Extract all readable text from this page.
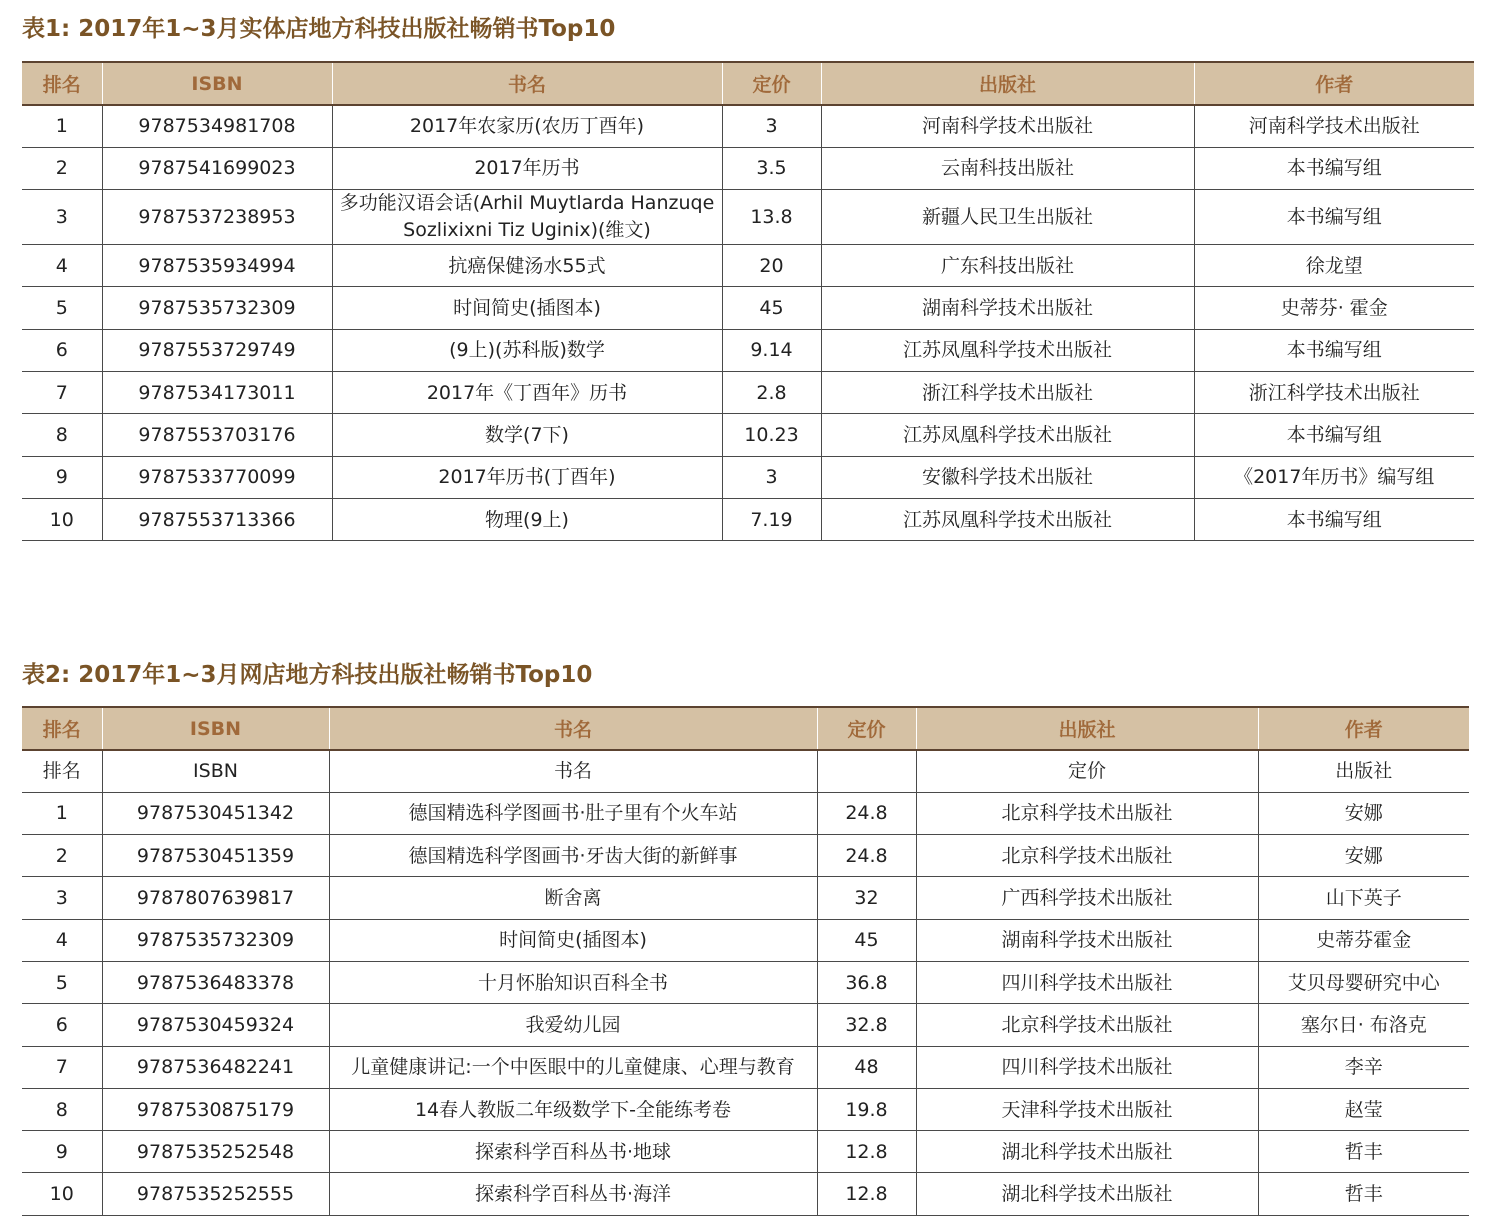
表1: 2017年1~3月实体店地方科技出版社畅销书Top10
排名	ISBN	书名	定价	出版社	作者
1	9787534981708	2017年农家历(农历丁酉年)	3	河南科学技术出版社	河南科学技术出版社
2	9787541699023	2017年历书	3.5	云南科技出版社	本书编写组
3	9787537238953	多功能汉语会话(Arhil Muytlarda Hanzuqe Sozlixixni Tiz Uginix)(维文)	13.8	新疆人民卫生出版社	本书编写组
4	9787535934994	抗癌保健汤水55式	20	广东科技出版社	徐龙望
5	9787535732309	时间简史(插图本)	45	湖南科学技术出版社	史蒂芬· 霍金
6	9787553729749	(9上)(苏科版)数学	9.14	江苏凤凰科学技术出版社	本书编写组
7	9787534173011	2017年《丁酉年》历书	2.8	浙江科学技术出版社	浙江科学技术出版社
8	9787553703176	数学(7下)	10.23	江苏凤凰科学技术出版社	本书编写组
9	9787533770099	2017年历书(丁酉年)	3	安徽科学技术出版社	《2017年历书》编写组
10	9787553713366	物理(9上)	7.19	江苏凤凰科学技术出版社	本书编写组
表2: 2017年1~3月网店地方科技出版社畅销书Top10
排名	ISBN	书名	定价	出版社	作者
排名	ISBN	书名		定价	出版社
1	9787530451342	德国精选科学图画书·肚子里有个火车站	24.8	北京科学技术出版社	安娜
2	9787530451359	德国精选科学图画书·牙齿大街的新鲜事	24.8	北京科学技术出版社	安娜
3	9787807639817	断舍离	32	广西科学技术出版社	山下英子
4	9787535732309	时间简史(插图本)	45	湖南科学技术出版社	史蒂芬霍金
5	9787536483378	十月怀胎知识百科全书	36.8	四川科学技术出版社	艾贝母婴研究中心
6	9787530459324	我爱幼儿园	32.8	北京科学技术出版社	塞尔日· 布洛克
7	9787536482241	儿童健康讲记:一个中医眼中的儿童健康、心理与教育	48	四川科学技术出版社	李辛
8	9787530875179	14春人教版二年级数学下-全能练考卷	19.8	天津科学技术出版社	赵莹
9	9787535252548	探索科学百科丛书·地球	12.8	湖北科学技术出版社	哲丰
10	9787535252555	探索科学百科丛书·海洋	12.8	湖北科学技术出版社	哲丰
